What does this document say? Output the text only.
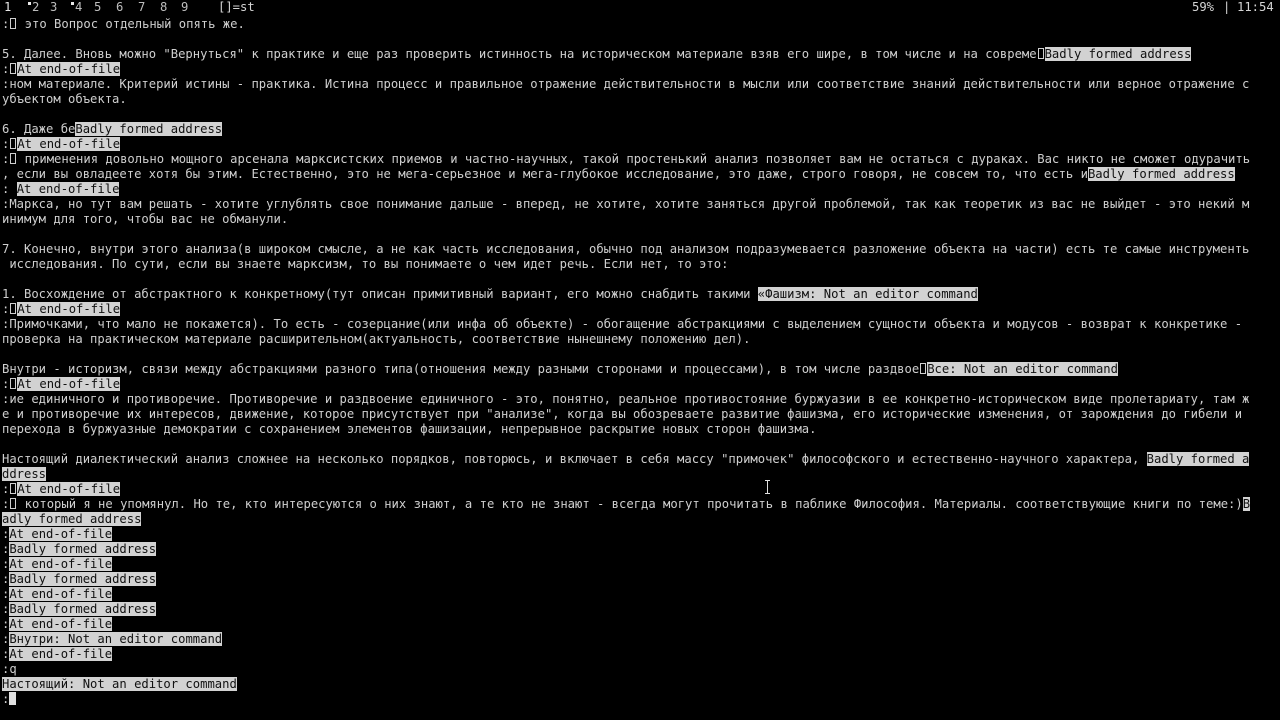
1	2 3	4 5 6 7 8 9 []= st	59% | 11:54
: это Вопрос отдельный опять же.
5. Далее. Вновь можно "Вернуться" к практике и еще раз проверить истинность на историческом материале взяв его шире, в том числе и на совреме Badly formed address
: At end-of-file
:ном материале. Критерий истины - практика. Истина процесс и правильное отражение действительности в мысли или соответствие знаний действительности или верное отражение с
убъектом объекта.
6. Даже беBadly formed address
: At end-of-file
: применения довольно мощного арсенала марксистских приемов и частно-научных, такой простенький анализ позволяет вам не остаться с дураках. Вас никто не сможет одурачить
, если вы овладеете хотя бы этим. Естественно, это не мега-серьезное и мега-глубокое исследование, это даже, строго говоря, не совсем то, что есть иBadly formed address
: At end-of-file
:Маркса, но тут вам решать - хотите углублять свое понимание дальше - вперед, не хотите, хотите заняться другой проблемой, так как теоретик из вас не выйдет - это некий м
инимум для того, чтобы вас не обманули.
7. Конечно, внутри этого анализа(в широком смысле, а не как часть исследования, обычно под анализом подразумевается разложение объекта на части) есть те самые инструменть
исследования. По сути, если вы знаете марксизм, то вы понимаете о чем идет речь. Если нет, то это:
1. Восхождение от абстрактного к конкретному(тут описан примитивный вариант, его можно снабдить такими «Фашизм: Not an editor command
: At end-of-file
:Примочками, что мало не покажется). То есть - созерцание(или инфа об объекте) - обогащение абстракциями с выделением сущности объекта и модусов - возврат к конкретике -
проверка на практическом материале расширительном(актуальность, соответствие нынешнему положению дел).
Внутри - историзм, связи между абстракциями разного типа(отношения между разными сторонами и процессами), в том числе раздвое Все: Not an editor command
: At end-of-file
:ие единичного и противоречие. Противоречие и раздвоение единичного - это, понятно, реальное противостояние буржуазии в ее конкретно-историческом виде пролетариату, там ж
е и противоречие их интересов, движение, которое присутствует при "анализе", когда вы обозреваете развитие фашизма, его исторические изменения, от зарождения до гибели и
перехода в буржуазные демократии с сохранением элементов фашизации, непрерывное раскрытие новых сторон фашизма.
Настоящий диалектический анализ сложнее на несколько порядков, повторюсь, и включает в себя массу "примочек" философского и естественно-научного характера, Badly formed a
ddress
: At end-of-file
: который я не упомянул. Но те, кто интересуются о них знают, а те кто не знают - всегда могут прочитать в паблике Философия. Материалы. соответствующие книги по теме:)B
adly formed address
:At end-of-file
:Badly formed address
:At end-of-file
:Badly formed address
:At end-of-file
:Badly formed address
:At end-of-file
:Внутри: Not an editor command
:At end-of-file
:q
Настоящий: Not an editor command
:
